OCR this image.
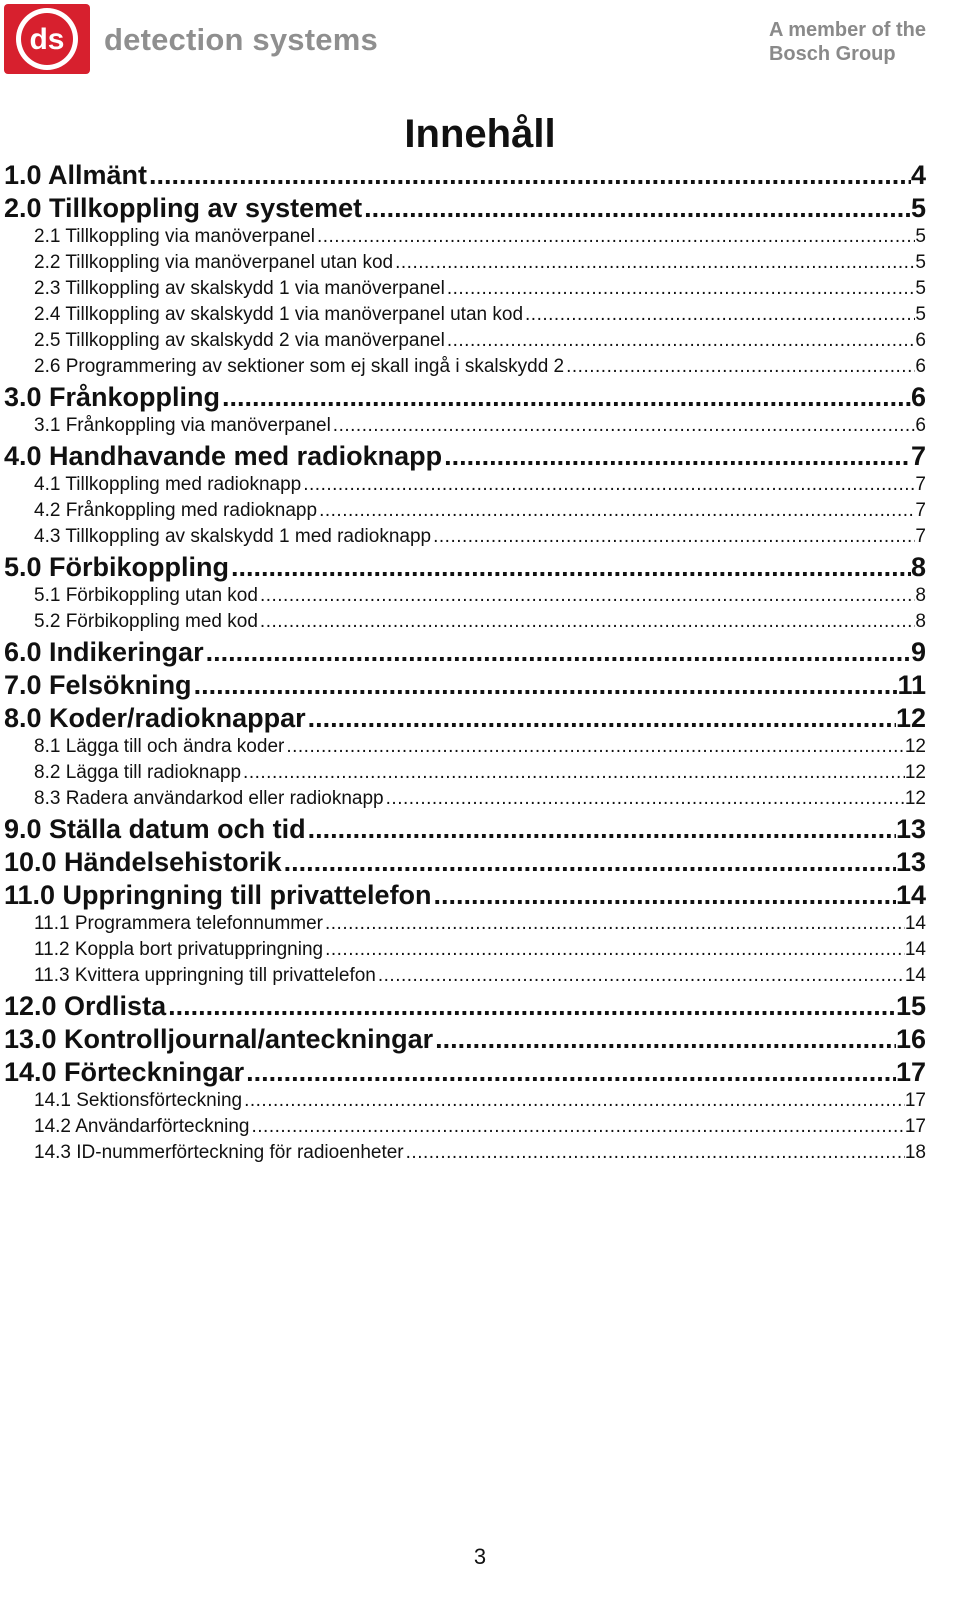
ds detection systems	A member of the
Bosch Group
Innehåll
1.0 Allmänt .....	4
2.0 Tillkoppling av systemet .....	5
2.1 Tillkoppling via manöverpanel .....	5
2.2 Tillkoppling via manöverpanel utan kod .....	5
2.3 Tillkoppling av skalskydd 1 via manöverpanel .....	5
2.4 Tillkoppling av skalskydd 1 via manöverpanel utan kod .....	5
2.5 Tillkoppling av skalskydd 2 via manöverpanel .....	6
2.6 Programmering av sektioner som ej skall ingå i skalskydd 2 .....	6
3.0 Frånkoppling .....	6
3.1 Frånkoppling via manöverpanel .....	6
4.0 Handhavande med radioknapp .....	7
4.1 Tillkoppling med radioknapp .....	7
4.2 Frånkoppling med radioknapp .....	7
4.3 Tillkoppling av skalskydd 1 med radioknapp .....	7
5.0 Förbikoppling .....	8
5.1 Förbikoppling utan kod .....	8
5.2 Förbikoppling med kod .....	8
6.0 Indikeringar .....	9
7.0 Felsökning .....	11
8.0 Koder/radioknappar .....	12
8.1 Lägga till och ändra koder .....	12
8.2 Lägga till radioknapp .....	12
8.3 Radera användarkod eller radioknapp .....	12
9.0 Ställa datum och tid .....	13
10.0 Händelsehistorik .....	13
11.0 Uppringning till privattelefon .....	14
11.1 Programmera telefonnummer .....	14
11.2 Koppla bort privatuppringning .....	14
11.3 Kvittera uppringning till privattelefon .....	14
12.0 Ordlista .....	15
13.0 Kontrolljournal/anteckningar .....	16
14.0 Förteckningar .....	17
14.1 Sektionsförteckning .....	17
14.2 Användarförteckning .....	17
14.3 ID-nummerförteckning för radioenheter .....	18
3
